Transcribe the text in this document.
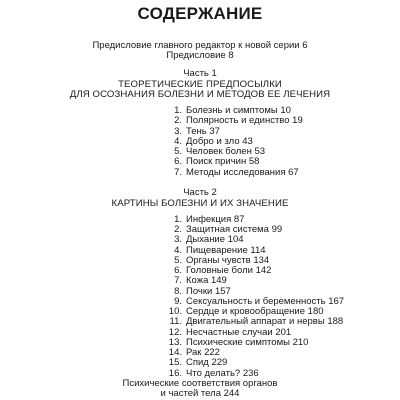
СОДЕРЖАНИЕ
Предисловие главного редактор к новой серии 6
Предисловие 8
Часть 1
ТЕОРЕТИЧЕСКИЕ ПРЕДПОСЫЛКИ
ДЛЯ ОСОЗНАНИЯ БОЛЕЗНИ И МЕТОДОВ ЕЕ ЛЕЧЕНИЯ
1. Болезнь и симптомы 10
2. Полярность и единство 19
3. Тень 37
4. Добро и зло 43
5. Человек болен 53
6. Поиск причин 58
7. Методы исследования 67
Часть 2
КАРТИНЫ БОЛЕЗНИ И ИХ ЗНАЧЕНИЕ
1. Инфекция 87
2. Защитная система 99
3. Дыхание 104
4. Пищеварение 114
5. Органы чувств 134
6. Головные боли 142
7. Кожа 149
8. Почки 157
9. Сексуальность и беременность 167
10. Сердце и кровообращение 180
11. Двигательный аппарат и нервы 188
12. Несчастные случаи 201
13. Психические симптомы 210
14. Рак 222
15. Спид 229
16. Что делать? 236
Психические соответствия органов
и частей тела 244
